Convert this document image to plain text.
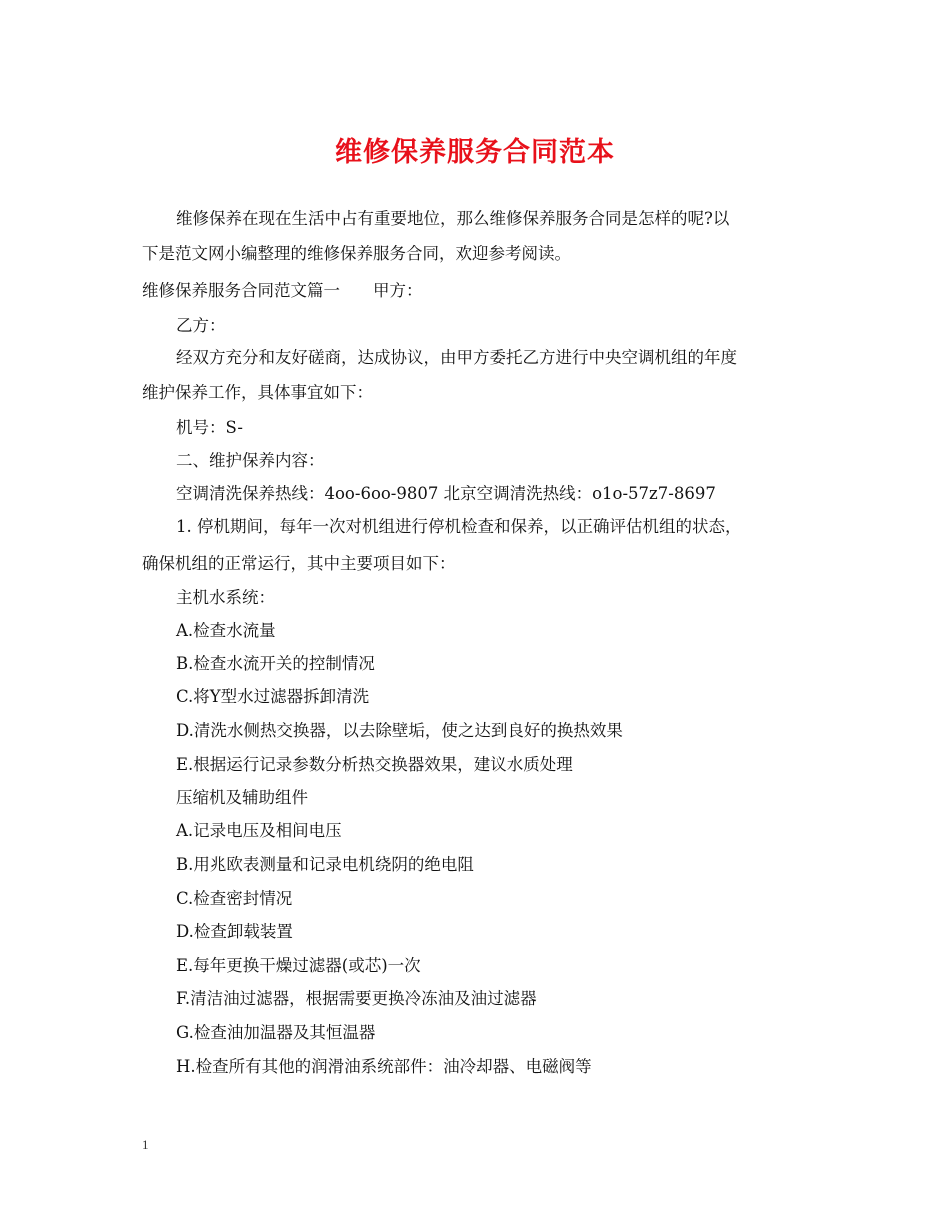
维修保养服务合同范本
维修保养在现在生活中占有重要地位，那么维修保养服务合同是怎样的呢?以
下是范文网小编整理的维修保养服务合同，欢迎参考阅读。
维修保养服务合同范文篇一　　甲方：
乙方：
经双方充分和友好磋商，达成协议，由甲方委托乙方进行中央空调机组的年度
维护保养工作，具体事宜如下：
机号：S-
二、维护保养内容：
空调清洗保养热线：4oo-6oo-9807 北京空调清洗热线：o1o-57z7-8697
1. 停机期间，每年一次对机组进行停机检查和保养，以正确评估机组的状态，
确保机组的正常运行，其中主要项目如下：
主机水系统：
A.检查水流量
B.检查水流开关的控制情况
C.将Y型水过滤器拆卸清洗
D.清洗水侧热交换器，以去除壁垢，使之达到良好的换热效果
E.根据运行记录参数分析热交换器效果，建议水质处理
压缩机及辅助组件
A.记录电压及相间电压
B.用兆欧表测量和记录电机绕阴的绝电阻
C.检查密封情况
D.检查卸载装置
E.每年更换干燥过滤器(或芯)一次
F.清洁油过滤器，根据需要更换冷冻油及油过滤器
G.检查油加温器及其恒温器
H.检查所有其他的润滑油系统部件：油冷却器、电磁阀等
1
